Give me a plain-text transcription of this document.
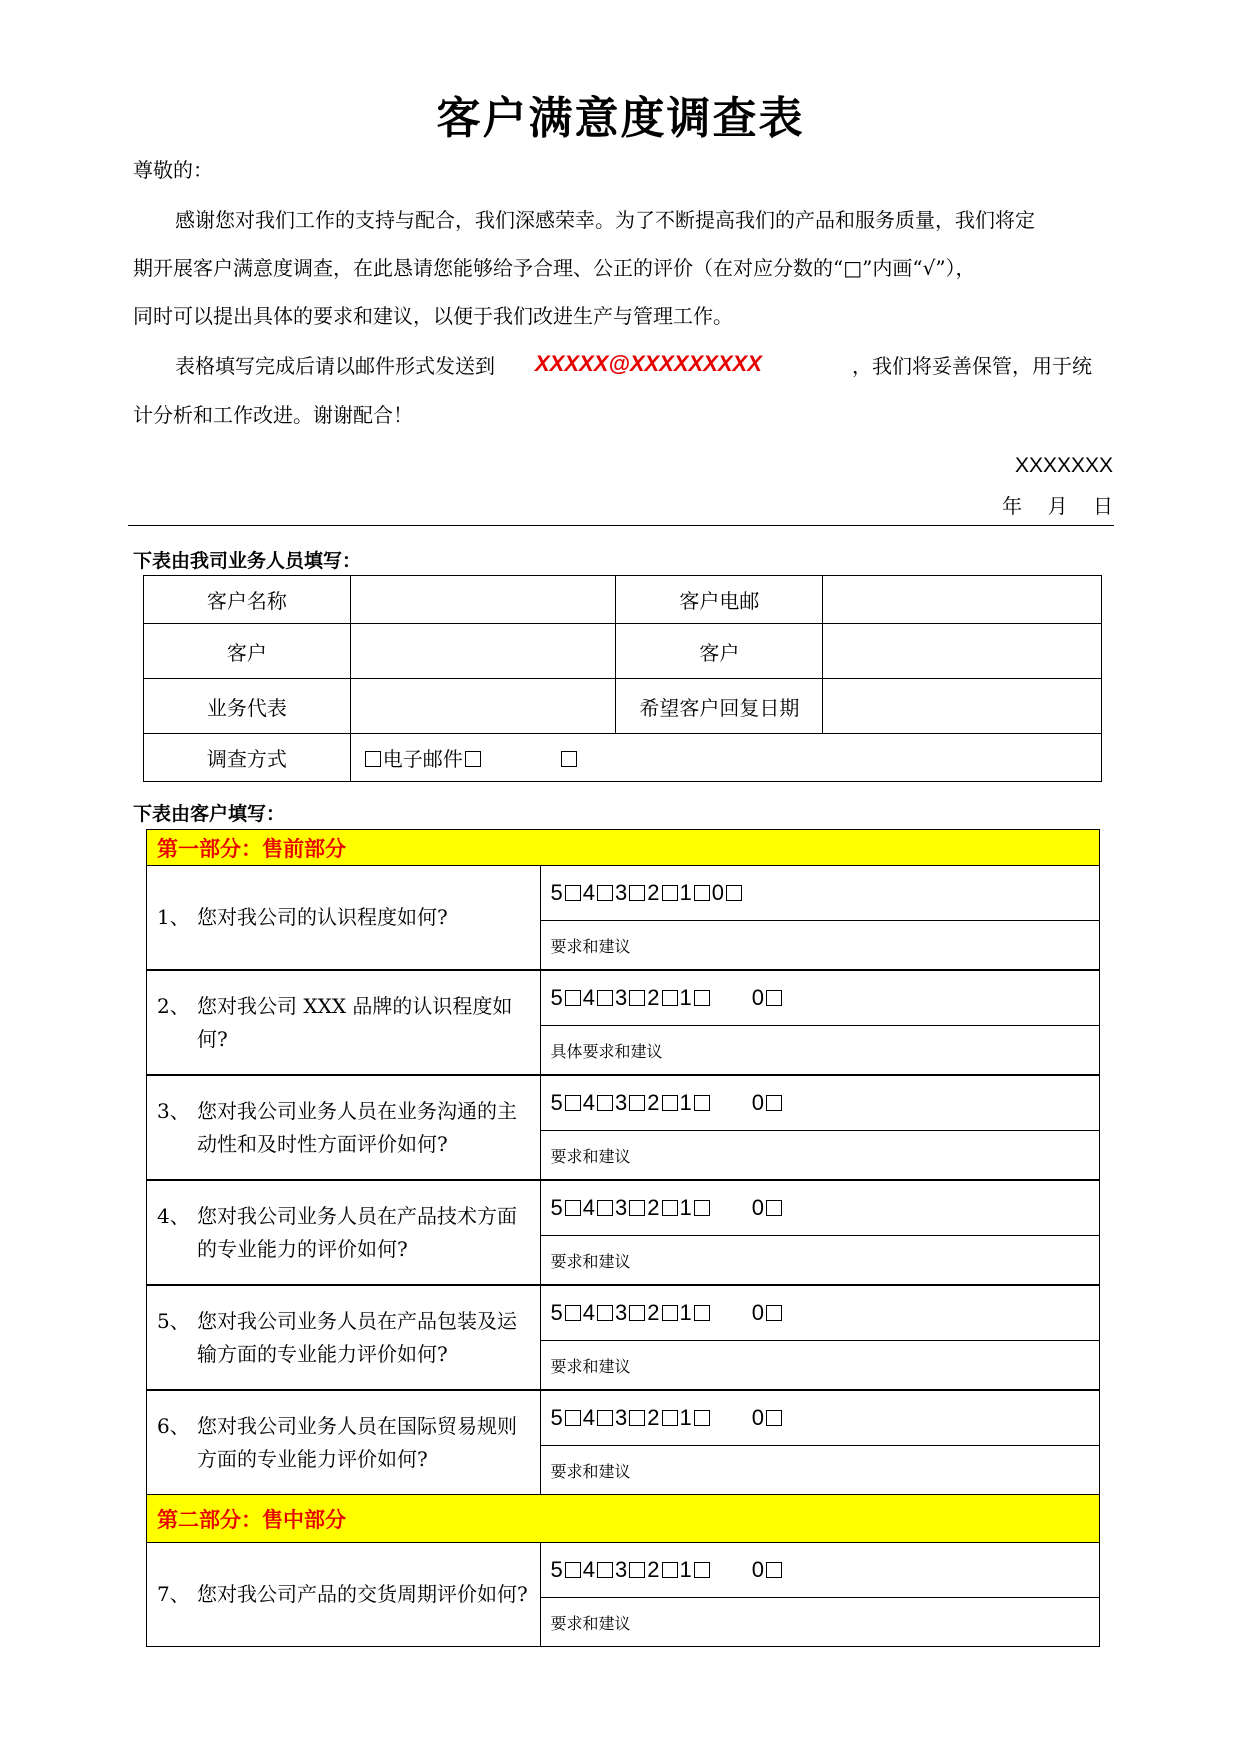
客户满意度调查表
尊敬的：
感谢您对我们工作的支持与配合，我们深感荣幸。为了不断提高我们的产品和服务质量，我们将定
期开展客户满意度调查，在此恳请您能够给予合理、公正的评价（在对应分数的“□”内画“√”），
同时可以提出具体的要求和建议，以便于我们改进生产与管理工作。
表格填写完成后请以邮件形式发送到	XXXXX@XXXXXXXXX	，我们将妥善保管，用于统
计分析和工作改进。谢谢配合！
XXXXXXX
年    月    日
下表由我司业务人员填写：
客户名称		客户电邮	
客户		客户	
业务代表		希望客户回复日期	
调查方式	电子邮件		
下表由客户填写：
第一部分：售前部分
1、 您对我公司的认识程度如何?
	5 4 3 2 1 0
要求和建议
2、 您对我公司 XXX 品牌的认识程度如何?
	5 4 3 2 1	0
具体要求和建议
3、 您对我公司业务人员在业务沟通的主动性和及时性方面评价如何?
	5 4 3 2 1	0
要求和建议
4、 您对我公司业务人员在产品技术方面的专业能力的评价如何?
	5 4 3 2 1	0
要求和建议
5、 您对我公司业务人员在产品包装及运输方面的专业能力评价如何?
	5 4 3 2 1	0
要求和建议
6、 您对我公司业务人员在国际贸易规则方面的专业能力评价如何?
	5 4 3 2 1	0
要求和建议
第二部分：售中部分
7、 您对我公司产品的交货周期评价如何?
	5 4 3 2 1	0
要求和建议
